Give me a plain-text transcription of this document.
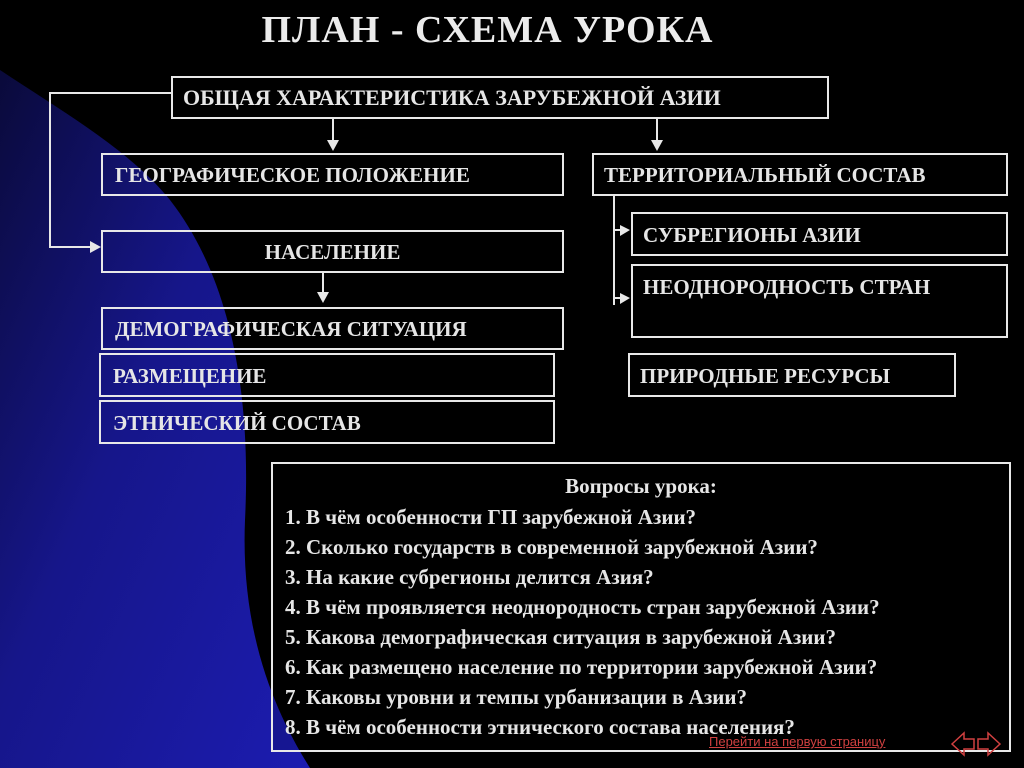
ПЛАН - СХЕМА УРОКА
ОБЩАЯ ХАРАКТЕРИСТИКА ЗАРУБЕЖНОЙ АЗИИ
ГЕОГРАФИЧЕСКОЕ ПОЛОЖЕНИЕ	ТЕРРИТОРИАЛЬНЫЙ СОСТАВ
СУБРЕГИОНЫ АЗИИ
НЕОДНОРОДНОСТЬ СТРАН
НАСЕЛЕНИЕ
ДЕМОГРАФИЧЕСКАЯ СИТУАЦИЯ
РАЗМЕЩЕНИЕ
ЭТНИЧЕСКИЙ СОСТАВ
ПРИРОДНЫЕ РЕСУРСЫ
Вопросы урока:
1. В чём особенности ГП зарубежной Азии?
2. Сколько государств в современной зарубежной Азии?
3. На какие субрегионы делится Азия?
4. В чём проявляется неоднородность стран зарубежной Азии?
5. Какова демографическая ситуация в зарубежной Азии?
6. Как размещено население по территории зарубежной Азии?
7. Каковы уровни и темпы урбанизации в Азии?
8. В чём особенности этнического состава населения?
Перейти на первую страницу
